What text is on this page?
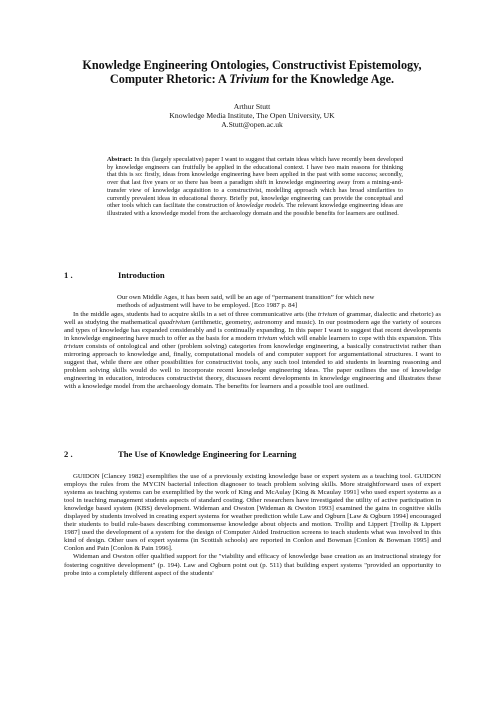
Knowledge Engineering Ontologies, Constructivist Epistemology,
Computer Rhetoric: A Trivium for the Knowledge Age.
Arthur Stutt
Knowledge Media Institute, The Open University, UK
A.Stutt@open.ac.uk
Abstract: In this (largely speculative) paper I want to suggest that certain ideas which have recently been developed by knowledge engineers can fruitfully be applied in the educational context. I have two main reasons for thinking that this is so: firstly, ideas from knowledge engineering have been applied in the past with some success; secondly, over that last five years or so there has been a paradigm shift in knowledge engineering away from a mining-and-transfer view of knowledge acquisition to a constructivist, modelling approach which has broad similarities to currently prevalent ideas in educational theory. Briefly put, knowledge engineering can provide the conceptual and other tools which can facilitate the construction of knowledge models. The relevant knowledge engineering ideas are illustrated with a knowledge model from the archaeology domain and the possible benefits for learners are outlined.
1 .	Introduction
Our own Middle Ages, it has been said, will be an age of “permanent transition” for which new
methods of adjustment will have to be employed. [Eco 1987 p. 84]

In the middle ages, students had to acquire skills in a set of three communicative arts (the trivium of grammar, dialectic and rhetoric) as well as studying the mathematical quadrivium (arithmetic, geometry, astronomy and music). In our postmodern age the variety of sources and types of knowledge has expanded considerably and is continually expanding. In this paper I want to suggest that recent developments in knowledge engineering have much to offer as the basis for a modern trivium which will enable learners to cope with this expansion. This trivium consists of ontological and other (problem solving) categories from knowledge engineering, a basically constructivist rather than mirroring approach to knowledge and, finally, computational models of and computer support for argumentational structures. I want to suggest that, while there are other possibilities for constructivist tools, any such tool intended to aid students in learning reasoning and problem solving skills would do well to incorporate recent knowledge engineering ideas. The paper outlines the use of knowledge engineering in education, introduces constructivist theory, discusses recent developments in knowledge engineering and illustrates these with a knowledge model from the archaeology domain. The benefits for learners and a possible tool are outlined.

2 .	The Use of Knowledge Engineering for Learning

GUIDON [Clancey 1982] exemplifies the use of a previously existing knowledge base or expert system as a teaching tool. GUIDON employs the rules from the MYCIN bacterial infection diagnoser to teach problem solving skills. More straightforward uses of expert systems as teaching systems can be exemplified by the work of King and McAulay [King & Mcaulay 1991] who used expert systems as a tool in teaching management students aspects of standard costing. Other researchers have investigated the utility of active participation in knowledge based system (KBS) development. Wideman and Owston [Wideman & Owston 1993] examined the gains in cognitive skills displayed by students involved in creating expert systems for weather prediction while Law and Ogburn [Law & Ogburn 1994] encouraged their students to build rule-bases describing commonsense knowledge about objects and motion. Trollip and Lippert [Trollip & Lippert 1987] used the development of a system for the design of Computer Aided Instruction screens to teach students what was involved in this kind of design. Other uses of expert systems (in Scottish schools) are reported in Conlon and Bowman [Conlon & Bowman 1995] and Conlon and Pain [Conlon & Pain 1996].

Wideman and Owston offer qualified support for the "viability and efficacy of knowledge base creation as an instructional strategy for fostering cognitive development" (p. 194). Law and Ogburn point out (p. 511) that building expert systems "provided an opportunity to probe into a completely different aspect of the students'
